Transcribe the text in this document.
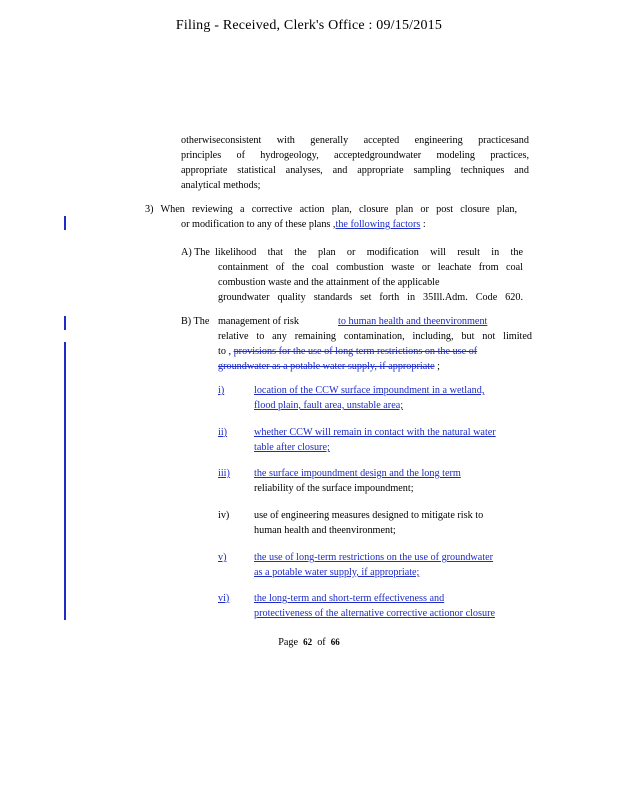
Filing - Received, Clerk's Office : 09/15/2015
otherwiseconsistent with generally accepted engineering practicesand
principles of hydrogeology, acceptedgroundwater modeling practices,
appropriate statistical analyses, and appropriate sampling techniques and
analytical methods;
3) When reviewing a corrective action plan, closure plan or post closure plan,
or modification to any of these plans ,the following factors :
A) The likelihood that the plan or modification will result in the
containment of the coal combustion waste or leachate from coal
combustion waste and the attainment of the applicable
groundwater quality standards set forth in 35Ill.Adm. Code 620.
B) The management of risk	to human health and theenvironment
relative to any remaining contamination, including, but not limited
to , provisions for the use of long term restrictions on the use of
groundwater as a potable water supply, if appropriate ;
i)	location of the CCW surface impoundment in a wetland,
flood plain, fault area, unstable area;
ii)	whether CCW will remain in contact with the natural water
table after closure;
iii) the surface impoundment design and the long term
reliability of the surface impoundment;
iv) use of engineering measures designed to mitigate risk to
human health and theenvironment;
v)	the use of long-term restrictions on the use of groundwater
as a potable water supply, if appropriate;
vi) the long-term and short-term effectiveness and
protectiveness of the alternative corrective actionor closure
Page 62 of 66
